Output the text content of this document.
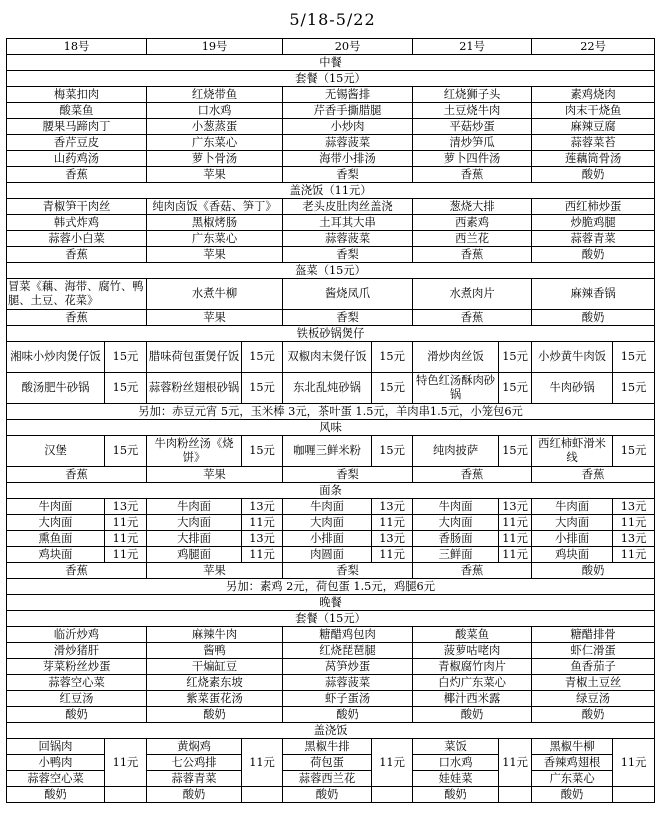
5/18-5/22
18号		19号		20号		21号		22号	
中餐									
套餐（15元）									
梅菜扣肉		红烧带鱼		无锡酱排		红烧狮子头		素鸡烧肉	
酸菜鱼		口水鸡		芹香手撕腊腿		土豆烧牛肉		肉末干烧鱼	
腰果马蹄肉丁		小葱蒸蛋		小炒肉		平菇炒蛋		麻辣豆腐	
香芹豆皮		广东菜心		蒜蓉菠菜		清炒笋瓜		蒜蓉菜苔	
山药鸡汤		萝卜骨汤		海带小排汤		萝卜四件汤		莲藕筒骨汤	
香蕉		苹果		香梨		香蕉		酸奶	
盖浇饭（11元）									
青椒笋干肉丝		纯肉卤饭《香菇、笋丁》		老头皮肚肉丝盖浇		葱烧大排		西红柿炒蛋	
韩式炸鸡		黑椒烤肠		土耳其大串		西素鸡		炒脆鸡腿	
蒜蓉小白菜		广东菜心		蒜蓉菠菜		西兰花		蒜蓉青菜	
香蕉		苹果		香梨		香蕉		酸奶	
盔菜（15元）									
冒菜《藕、海带、腐竹、鸭腿、土豆、花菜》		水煮牛柳		酱烧凤爪		水煮肉片		麻辣香锅	
香蕉		苹果		香梨		香蕉		酸奶	
铁板砂锅煲仔									
湘味小炒肉煲仔饭	15元	腊味荷包蛋煲仔饭	15元	双椒肉末煲仔饭	15元	滑炒肉丝饭	15元	小炒黄牛肉饭	15元
酸汤肥牛砂锅	15元	蒜蓉粉丝翅根砂锅	15元	东北乱炖砂锅	15元	特色红汤酥肉砂锅	15元	牛肉砂锅	15元
另加：赤豆元宵 5元，玉米棒 3元，茶叶蛋 1.5元，羊肉串1.5元，小笼包6元									
风味									
汉堡	15元	牛肉粉丝汤《烧饼》	15元	咖喱三鲜米粉	15元	纯肉披萨	15元	西红柿虾滑米线	15元
香蕉		苹果		香梨		香蕉		香蕉	
面条									
牛肉面	13元	牛肉面	13元	牛肉面	13元	牛肉面	13元	牛肉面	13元
大肉面	11元	大肉面	11元	大肉面	11元	大肉面	11元	大肉面	11元
熏鱼面	11元	大排面	13元	小排面	13元	香肠面	11元	小排面	13元
鸡块面	11元	鸡腿面	11元	肉圆面	11元	三鲜面	11元	鸡块面	11元
香蕉		苹果		香梨		香蕉		酸奶	
另加：素鸡 2元，荷包蛋 1.5元，鸡腿6元									
晚餐									
套餐（15元）									
临沂炒鸡		麻辣牛肉		糖醋鸡包肉		酸菜鱼		糖醋排骨	
滑炒猪肝		酱鸭		红烧琵琶腿		菠萝咕咾肉		虾仁滑蛋	
芽菜粉丝炒蛋		干煸缸豆		莴笋炒蛋		青椒腐竹肉片		鱼香茄子	
蒜蓉空心菜		红烧素东坡		蒜蓉菠菜		白灼广东菜心		青椒土豆丝	
红豆汤		紫菜蛋花汤		虾子蛋汤		椰汁西米露		绿豆汤	
酸奶		酸奶		酸奶		酸奶		酸奶	
盖浇饭									
回锅肉	11元	黄焖鸡	11元	黑椒牛排	11元	菜饭	11元	黑椒牛柳	11元
小鸭肉		七公鸡排		荷包蛋		口水鸡		香辣鸡翅根	
蒜蓉空心菜		蒜蓉青菜		蒜蓉西兰花		娃娃菜		广东菜心	
酸奶		酸奶		酸奶		酸奶		酸奶	
